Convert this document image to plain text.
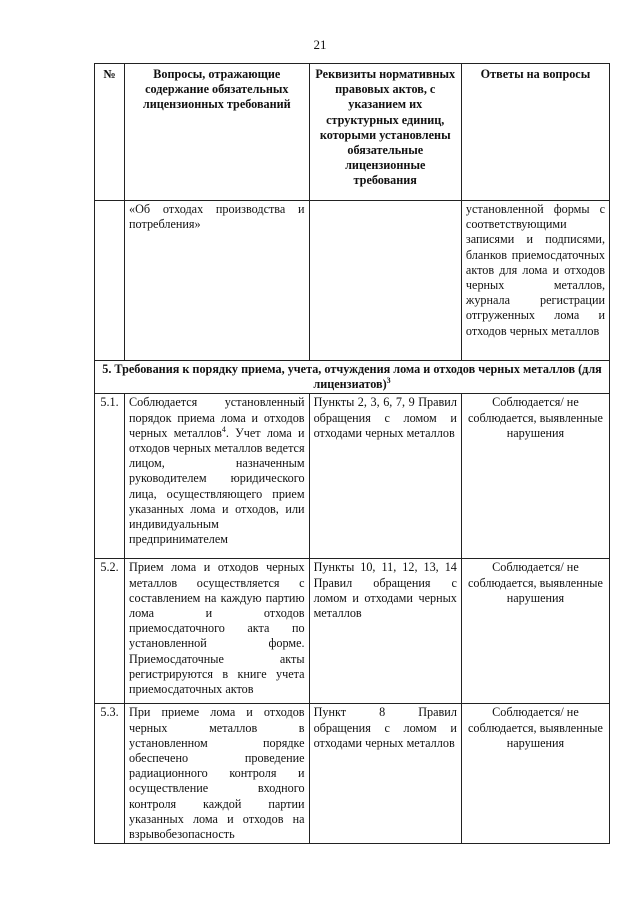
21
№	Вопросы, отражающие содержание обязательных лицензионных требований	Реквизиты нормативных правовых актов, с указанием их структурных единиц, которыми установлены обязательные лицензионные требования	Ответы на вопросы
	«Об отходах производства и потребления»		установленной формы с соответствующими записями и подписями, бланков приемосдаточных актов для лома и отходов черных металлов, журнала регистрации отгруженных лома и отходов черных металлов
5. Требования к порядку приема, учета, отчуждения лома и отходов черных металлов (для лицензиатов)$^3$
5.1.	Соблюдается установленный порядок приема лома и отходов черных металлов$^4$. Учет лома и отходов черных металлов ведется лицом, назначенным руководителем юридического лица, осуществляющего прием указанных лома и отходов, или индивидуальным предпринимателем	Пункты 2, 3, 6, 7, 9 Правил обращения с ломом и отходами черных металлов	Соблюдается/ не соблюдается, выявленные нарушения
5.2.	Прием лома и отходов черных металлов осуществляется с составлением на каждую партию лома и отходов приемосдаточного акта по установленной форме. Приемосдаточные акты регистрируются в книге учета приемосдаточных актов	Пункты 10, 11, 12, 13, 14 Правил обращения с ломом и отходами черных металлов	Соблюдается/ не соблюдается, выявленные нарушения
5.3.	При приеме лома и отходов черных металлов в установленном порядке обеспечено проведение радиационного контроля и осуществление входного контроля каждой партии указанных лома и отходов на взрывобезопасность	Пункт 8 Правил обращения с ломом и отходами черных металлов	Соблюдается/ не соблюдается, выявленные нарушения
